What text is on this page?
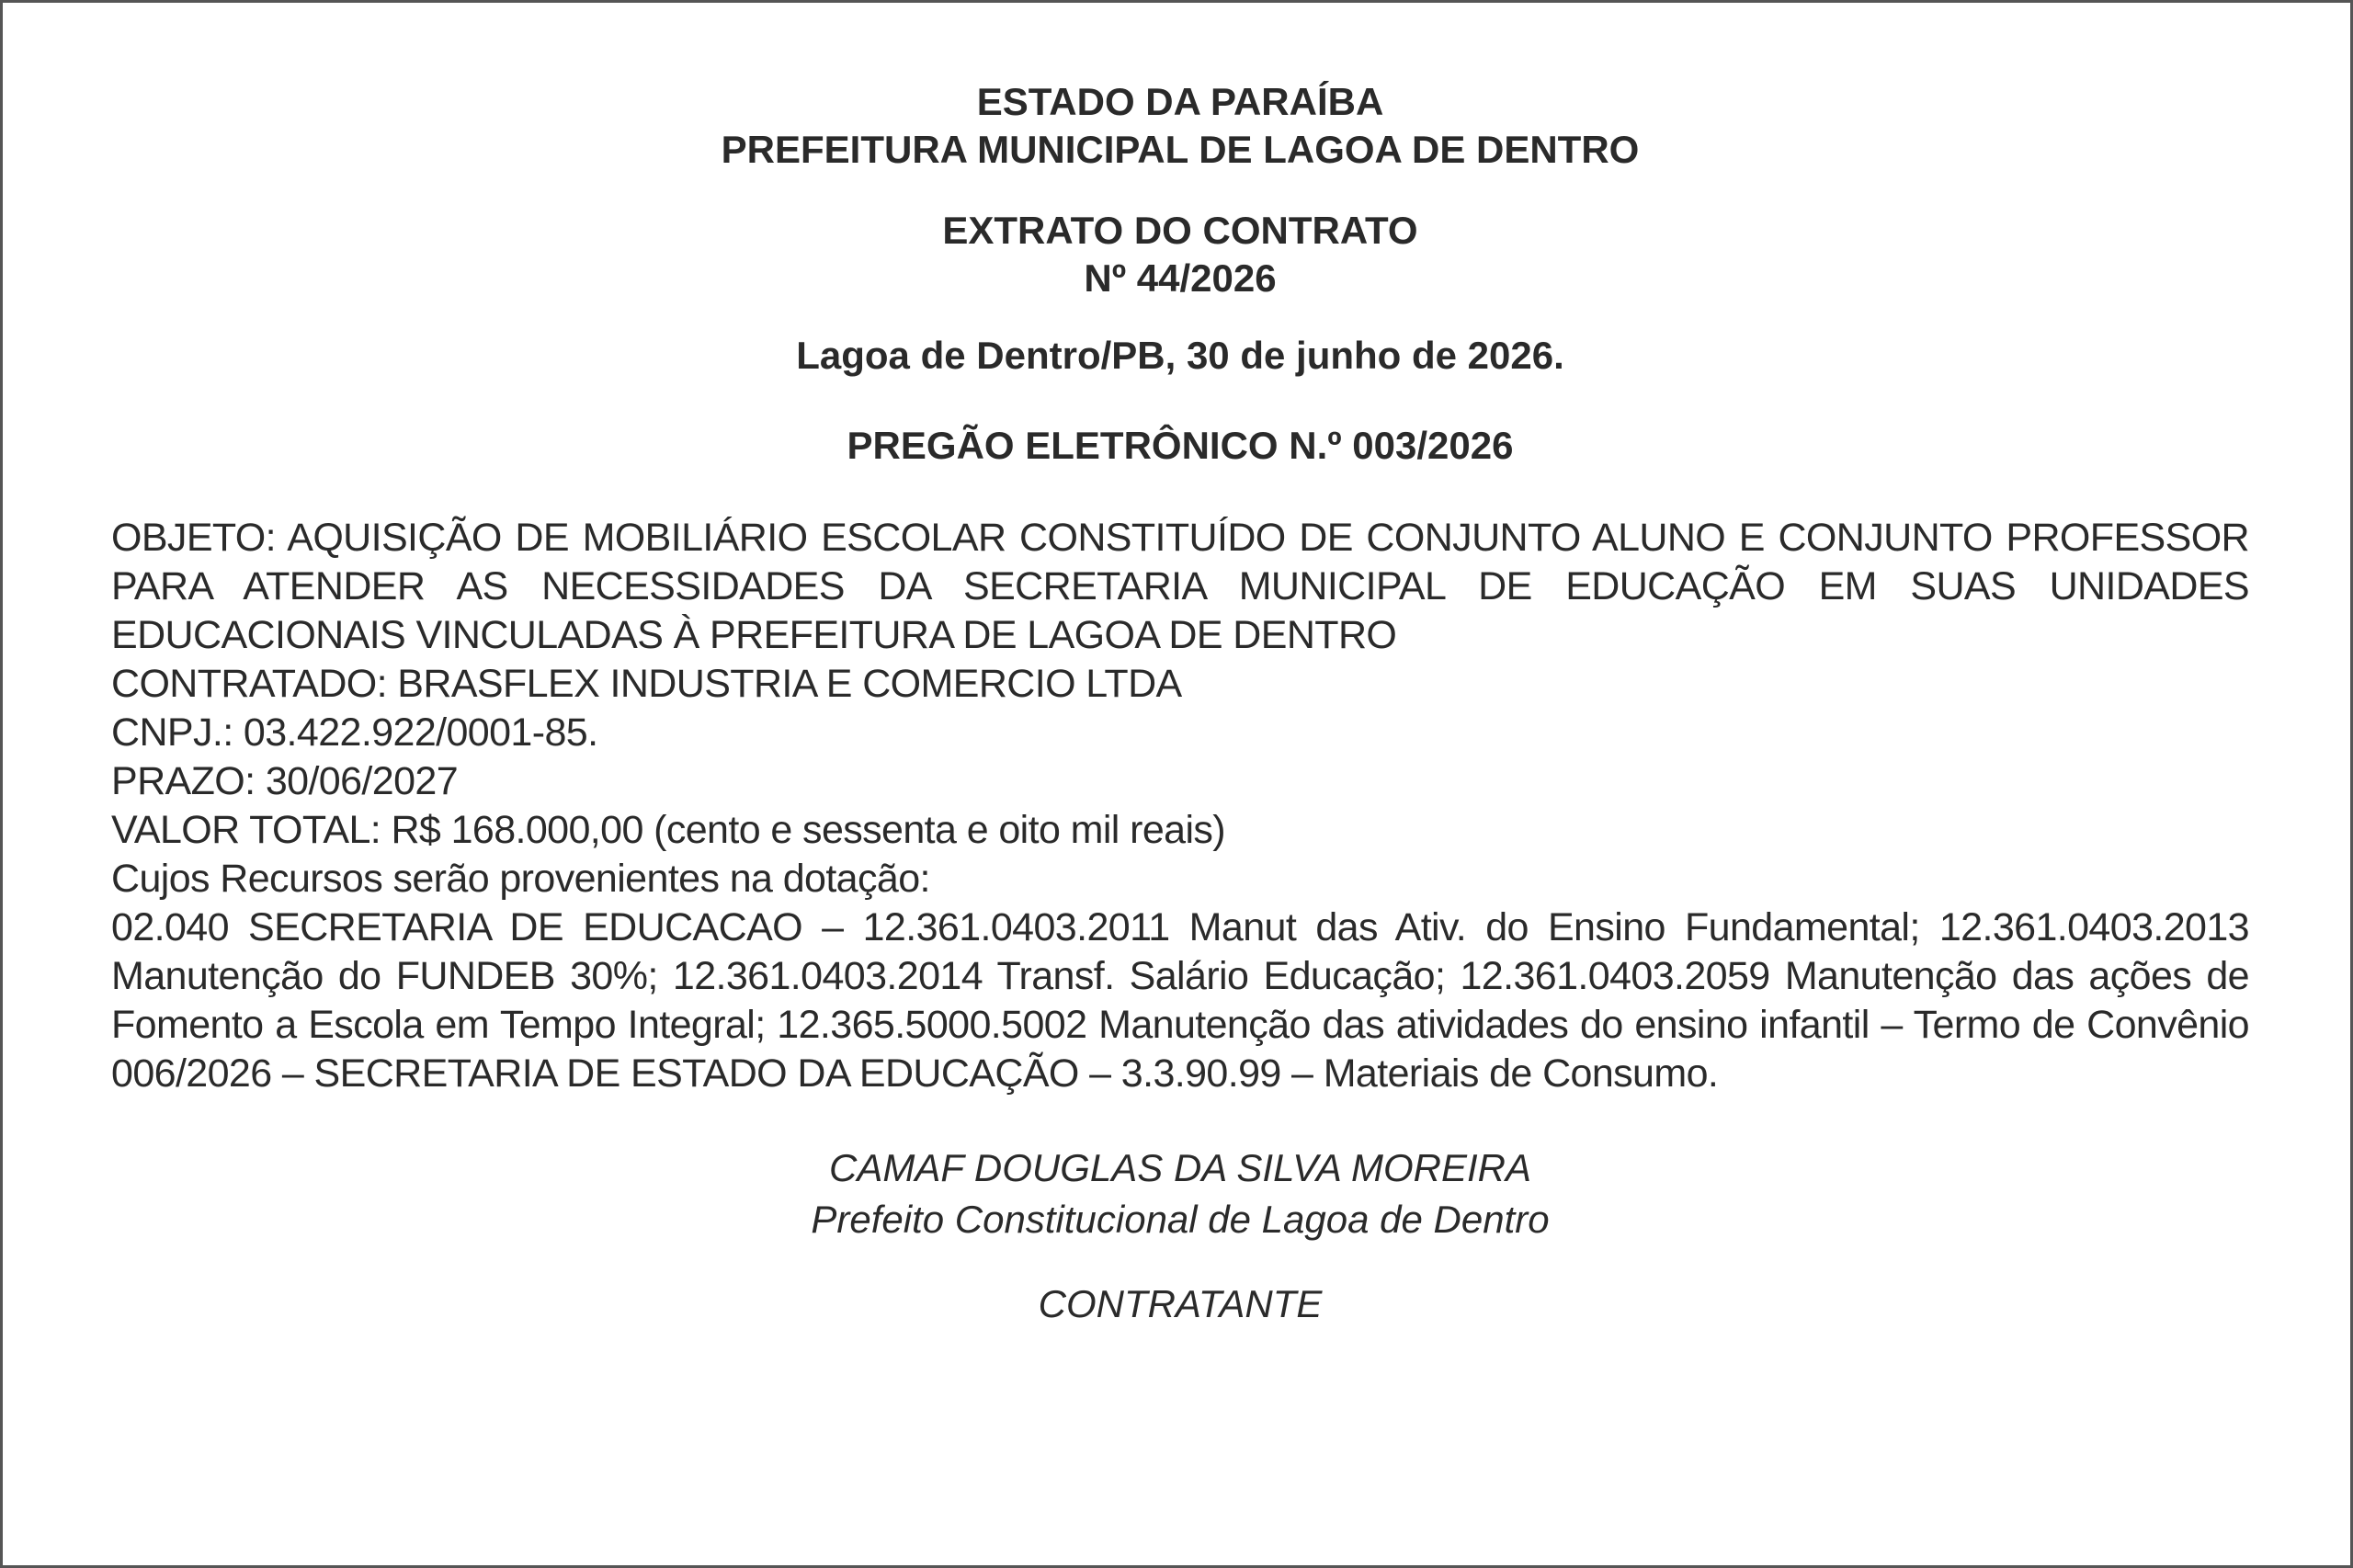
ESTADO DA PARAÍBA

PREFEITURA MUNICIPAL DE LAGOA DE DENTRO

EXTRATO DO CONTRATO

Nº 44/2026

Lagoa de Dentro/PB, 30 de junho de 2026.

PREGÃO ELETRÔNICO N.º 003/2026

OBJETO: AQUISIÇÃO DE MOBILIÁRIO ESCOLAR CONSTITUÍDO DE CONJUNTO ALUNO E CONJUNTO PROFESSOR PARA ATENDER AS NECESSIDADES DA SECRETARIA MUNICIPAL DE EDUCAÇÃO EM SUAS UNIDADES EDUCACIONAIS VINCULADAS À PREFEITURA DE LAGOA DE DENTRO

CONTRATADO: BRASFLEX INDUSTRIA E COMERCIO LTDA

CNPJ.: 03.422.922/0001-85.

PRAZO: 30/06/2027

VALOR TOTAL: R$ 168.000,00 (cento e sessenta e oito mil reais)

Cujos Recursos serão provenientes na dotação:

02.040 SECRETARIA DE EDUCACAO – 12.361.0403.2011 Manut das Ativ. do Ensino Fundamental; 12.361.0403.2013 Manutenção do FUNDEB 30%; 12.361.0403.2014 Transf. Salário Educação; 12.361.0403.2059 Manutenção das ações de Fomento a Escola em Tempo Integral; 12.365.5000.5002 Manutenção das atividades do ensino infantil – Termo de Convênio 006/2026 – SECRETARIA DE ESTADO DA EDUCAÇÃO – 3.3.90.99 – Materiais de Consumo.

CAMAF DOUGLAS DA SILVA MOREIRA

Prefeito Constitucional de Lagoa de Dentro

CONTRATANTE
